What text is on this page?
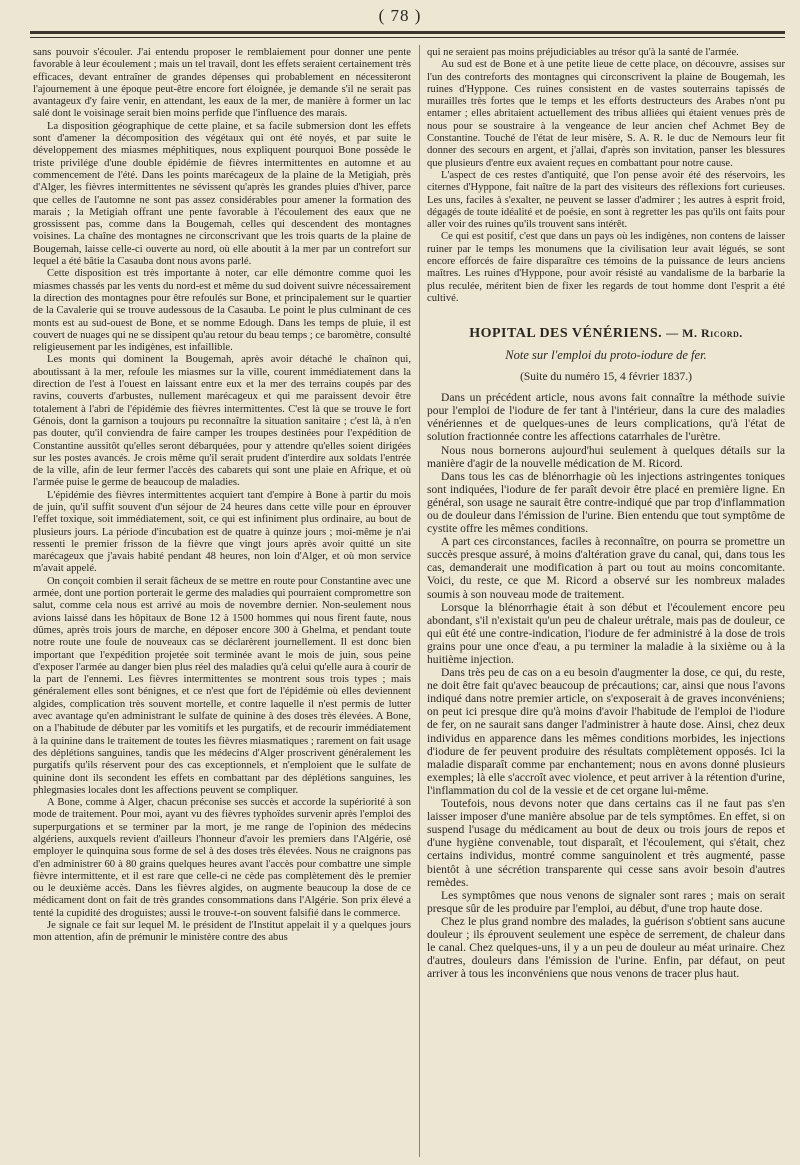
( 78 )

sans pouvoir s'écouler. J'ai entendu proposer le remblaiement pour donner une pente favorable à leur écoulement ; mais un tel travail, dont les effets seraient certainement très efficaces, devant entraîner de grandes dépenses qui probablement en nécessiteront l'ajournement à une époque peut-être encore fort éloignée, je demande s'il ne serait pas avantageux d'y faire venir, en attendant, les eaux de la mer, de manière à former un lac salé dont le voisinage serait bien moins perfide que l'influence des marais.

La disposition géographique de cette plaine, et sa facile submersion dont les effets sont d'amener la décomposition des végétaux qui ont été noyés, et par suite le développement des miasmes méphitiques, nous expliquent pourquoi Bone possède le triste privilége d'une double épidémie de fièvres intermittentes en automne et au commencement de l'été. Dans les points marécageux de la plaine de la Metigiah, près d'Alger, les fièvres intermittentes ne sévissent qu'après les grandes pluies d'hiver, parce que celles de l'automne ne sont pas assez considérables pour amener la formation des marais ; la Metigiah offrant une pente favorable à l'écoulement des eaux que ne grossissent pas, comme dans la Bougemah, celles qui descendent des montagnes voisines. La chaîne des montagnes ne circonscrivant que les trois quarts de la plaine de Bougemah, laisse celle-ci ouverte au nord, où elle aboutit à la mer par un contrefort sur lequel a été bâtie la Casauba dont nous avons parlé.

Cette disposition est très importante à noter, car elle démontre comme quoi les miasmes chassés par les vents du nord-est et même du sud doivent suivre nécessairement la direction des montagnes pour être refoulés sur Bone, et principalement sur le quartier de la Cavalerie qui se trouve audessous de la Casauba. Le point le plus culminant de ces monts est au sud-ouest de Bone, et se nomme Edough. Dans les temps de pluie, il est couvert de nuages qui ne se dissipent qu'au retour du beau temps ; ce baromètre, consulté religieusement par les indigènes, est infaillible.

Les monts qui dominent la Bougemah, après avoir détaché le chaînon qui, aboutissant à la mer, refoule les miasmes sur la ville, courent immédiatement dans la direction de l'est à l'ouest en laissant entre eux et la mer des terrains coupés par des ravins, couverts d'arbustes, nullement marécageux et qui me paraissent devoir être totalement à l'abri de l'épidémie des fièvres intermittentes. C'est là que se trouve le fort Génois, dont la garnison a toujours pu reconnaître la situation sanitaire ; c'est là, à n'en pas douter, qu'il conviendra de faire camper les troupes destinées pour l'expédition de Constantine aussitôt qu'elles seront débarquées, pour y attendre qu'elles soient dirigées sur les postes avancés. Je crois même qu'il serait prudent d'interdire aux soldats l'entrée de la ville, afin de leur fermer l'accès des cabarets qui sont une plaie en Afrique, et où l'armée puise le germe de beaucoup de maladies.

L'épidémie des fièvres intermittentes acquiert tant d'empire à Bone à partir du mois de juin, qu'il suffit souvent d'un séjour de 24 heures dans cette ville pour en éprouver l'effet toxique, soit immédiatement, soit, ce qui est infiniment plus ordinaire, au bout de plusieurs jours. La période d'incubation est de quatre à quinze jours ; moi-même je n'ai ressenti le premier frisson de la fièvre que vingt jours après avoir quitté un site marécageux que j'avais habité pendant 48 heures, non loin d'Alger, et où mon service m'avait appelé.

On conçoit combien il serait fâcheux de se mettre en route pour Constantine avec une armée, dont une portion porterait le germe des maladies qui pourraient compromettre son salut, comme cela nous est arrivé au mois de novembre dernier. Non-seulement nous avions laissé dans les hôpitaux de Bone 12 à 1500 hommes qui nous firent faute, nous dûmes, après trois jours de marche, en déposer encore 300 à Ghelma, et pendant toute notre route une foule de nouveaux cas se déclarèrent journellement. Il est donc bien important que l'expédition projetée soit terminée avant le mois de juin, sous peine d'exposer l'armée au danger bien plus réel des maladies qu'à celui qu'elle aura à courir de la part de l'ennemi. Les fièvres intermittentes se montrent sous trois types ; mais généralement elles sont bénignes, et ce n'est que fort de l'épidémie où elles deviennent algides, complication très souvent mortelle, et contre laquelle il n'est permis de lutter avec avantage qu'en administrant le sulfate de quinine à des doses très élevées. A Bone, on a l'habitude de débuter par les vomitifs et les purgatifs, et de recourir immédiatement à la quinine dans le traitement de toutes les fièvres miasmatiques ; rarement on fait usage des déplétions sanguines, tandis que les médecins d'Alger proscrivent généralement les purgatifs qu'ils réservent pour des cas exceptionnels, et n'emploient que le sulfate de quinine dont ils secondent les effets en combattant par des déplétions sanguines, les phlegmasies locales dont les affections peuvent se compliquer.

A Bone, comme à Alger, chacun préconise ses succès et accorde la supériorité à son mode de traitement. Pour moi, ayant vu des fièvres typhoïdes survenir après l'emploi des superpurgations et se terminer par la mort, je me range de l'opinion des médecins algériens, auxquels revient d'ailleurs l'honneur d'avoir les premiers dans l'Algérie, osé employer le quinquina sous forme de sel à des doses très élevées. Nous ne craignons pas d'en administrer 60 à 80 grains quelques heures avant l'accès pour combattre une simple fièvre intermittente, et il est rare que celle-ci ne cède pas complètement dès le premier ou le deuxième accès. Dans les fièvres algides, on augmente beaucoup la dose de ce médicament dont on fait de très grandes consommations dans l'Algérie. Son prix élevé a tenté la cupidité des droguistes; aussi le trouve-t-on souvent falsifié dans le commerce.

Je signale ce fait sur lequel M. le président de l'Institut appelait il y a quelques jours mon attention, afin de prémunir le ministère contre des abus

qui ne seraient pas moins préjudiciables au trésor qu'à la santé de l'armée.

Au sud est de Bone et à une petite lieue de cette place, on découvre, assises sur l'un des contreforts des montagnes qui circonscrivent la plaine de Bougemah, les ruines d'Hyppone. Ces ruines consistent en de vastes souterrains tapissés de murailles très fortes que le temps et les efforts destructeurs des Arabes n'ont pu entamer ; elles abritaient actuellement des tribus alliées qui étaient venues près de nous pour se soustraire à la vengeance de leur ancien chef Achmet Bey de Constantine. Touché de l'état de leur misère, S. A. R. le duc de Nemours leur fit donner des secours en argent, et j'allai, d'après son invitation, panser les blessures que plusieurs d'entre eux avaient reçues en combattant pour notre cause.

L'aspect de ces restes d'antiquité, que l'on pense avoir été des réservoirs, les citernes d'Hyppone, fait naître de la part des visiteurs des réflexions fort curieuses. Les uns, faciles à s'exalter, ne peuvent se lasser d'admirer ; les autres à esprit froid, dégagés de toute idéalité et de poésie, en sont à regretter les pas qu'ils ont faits pour aller voir des ruines qu'ils trouvent sans intérêt.

Ce qui est positif, c'est que dans un pays où les indigènes, non contens de laisser ruiner par le temps les monumens que la civilisation leur avait légués, se sont encore efforcés de faire disparaître ces témoins de la puissance de leurs anciens maîtres. Les ruines d'Hyppone, pour avoir résisté au vandalisme de la barbarie la plus reculée, méritent bien de fixer les regards de tout homme dont l'esprit a été cultivé.

HOPITAL DES VÉNÉRIENS. — M. Ricord.
Note sur l'emploi du proto-iodure de fer.
(Suite du numéro 15, 4 février 1837.)

Dans un précédent article, nous avons fait connaître la méthode suivie pour l'emploi de l'iodure de fer tant à l'intérieur, dans la cure des maladies vénériennes et de quelques-unes de leurs complications, qu'à l'état de solution fractionnée contre les affections catarrhales de l'urètre.

Nous nous bornerons aujourd'hui seulement à quelques détails sur la manière d'agir de la nouvelle médication de M. Ricord.

Dans tous les cas de blénorrhagie où les injections astringentes toniques sont indiquées, l'iodure de fer paraît devoir être placé en première ligne. En général, son usage ne saurait être contre-indiqué que par trop d'inflammation ou de douleur dans l'émission de l'urine. Bien entendu que tout symptôme de cystite offre les mêmes conditions.

A part ces circonstances, faciles à reconnaître, on pourra se promettre un succès presque assuré, à moins d'altération grave du canal, qui, dans tous les cas, demanderait une modification à part ou tout au moins concomitante. Voici, du reste, ce que M. Ricord a observé sur les nombreux malades soumis à son nouveau mode de traitement.

Lorsque la blénorrhagie était à son début et l'écoulement encore peu abondant, s'il n'existait qu'un peu de chaleur urétrale, mais pas de douleur, ce qui eût été une contre-indication, l'iodure de fer administré à la dose de trois grains pour une once d'eau, a pu terminer la maladie à la sixième ou à la huitième injection.

Dans très peu de cas on a eu besoin d'augmenter la dose, ce qui, du reste, ne doit être fait qu'avec beaucoup de précautions; car, ainsi que nous l'avons indiqué dans notre premier article, on s'exposerait à de graves inconvéniens; on peut ici presque dire qu'à moins d'avoir l'habitude de l'emploi de l'iodure de fer, on ne saurait sans danger l'administrer à haute dose. Ainsi, chez deux individus en apparence dans les mêmes conditions morbides, les injections d'iodure de fer peuvent produire des résultats complètement opposés. Ici la maladie disparaît comme par enchantement; nous en avons donné plusieurs exemples; là elle s'accroît avec violence, et peut arriver à la rétention d'urine, l'inflammation du col de la vessie et de cet organe lui-même.

Toutefois, nous devons noter que dans certains cas il ne faut pas s'en laisser imposer d'une manière absolue par de tels symptômes. En effet, si on suspend l'usage du médicament au bout de deux ou trois jours de repos et d'une hygiène convenable, tout disparaît, et l'écoulement, qui s'était, chez certains individus, montré comme sanguinolent et très augmenté, passe bientôt à une sécrétion transparente qui cesse sans avoir besoin d'autres remèdes.

Les symptômes que nous venons de signaler sont rares ; mais on serait presque sûr de les produire par l'emploi, au début, d'une trop haute dose.

Chez le plus grand nombre des malades, la guérison s'obtient sans aucune douleur ; ils éprouvent seulement une espèce de serrement, de chaleur dans le canal. Chez quelques-uns, il y a un peu de douleur au méat urinaire. Chez d'autres, douleurs dans l'émission de l'urine. Enfin, par défaut, on peut arriver à tous les inconvéniens que nous venons de tracer plus haut.
